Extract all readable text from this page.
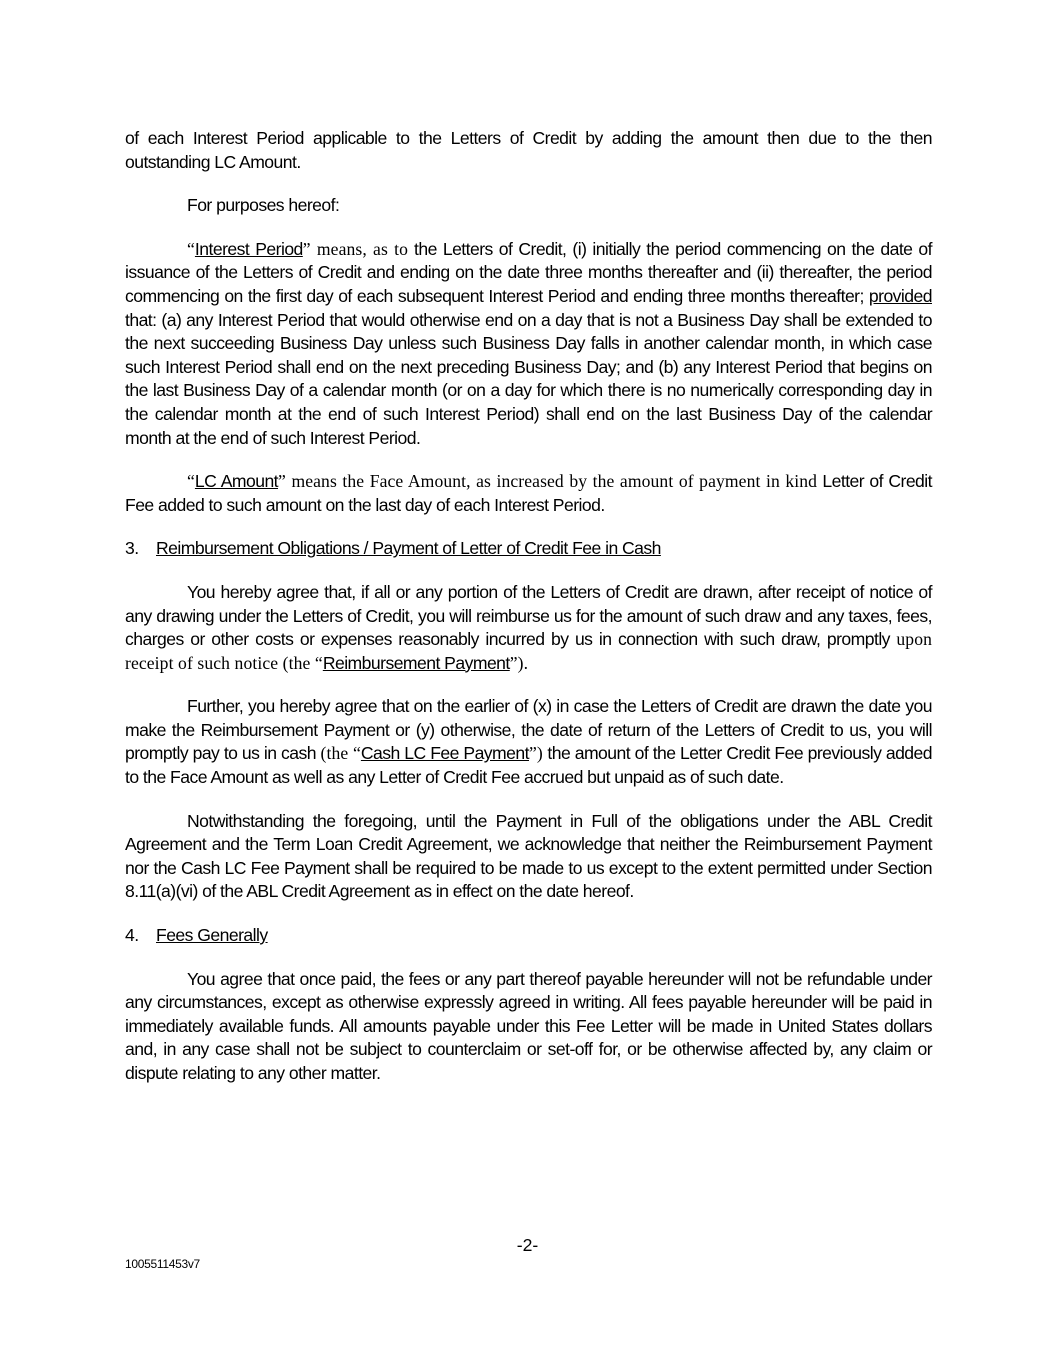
of each Interest Period applicable to the Letters of Credit by adding the amount then due to the then outstanding LC Amount.

For purposes hereof:

“Interest Period” means, as to the Letters of Credit, (i) initially the period commencing on the date of issuance of the Letters of Credit and ending on the date three months thereafter and (ii) thereafter, the period commencing on the first day of each subsequent Interest Period and ending three months thereafter; provided that: (a) any Interest Period that would otherwise end on a day that is not a Business Day shall be extended to the next succeeding Business Day unless such Business Day falls in another calendar month, in which case such Interest Period shall end on the next preceding Business Day; and (b) any Interest Period that begins on the last Business Day of a calendar month (or on a day for which there is no numerically corresponding day in the calendar month at the end of such Interest Period) shall end on the last Business Day of the calendar month at the end of such Interest Period.

“LC Amount” means the Face Amount, as increased by the amount of payment in kind Letter of Credit Fee added to such amount on the last day of each Interest Period.

3. Reimbursement Obligations / Payment of Letter of Credit Fee in Cash

You hereby agree that, if all or any portion of the Letters of Credit are drawn, after receipt of notice of any drawing under the Letters of Credit, you will reimburse us for the amount of such draw and any taxes, fees, charges or other costs or expenses reasonably incurred by us in connection with such draw, promptly upon receipt of such notice (the “Reimbursement Payment”).

Further, you hereby agree that on the earlier of (x) in case the Letters of Credit are drawn the date you make the Reimbursement Payment or (y) otherwise, the date of return of the Letters of Credit to us, you will promptly pay to us in cash (the “Cash LC Fee Payment”) the amount of the Letter Credit Fee previously added to the Face Amount as well as any Letter of Credit Fee accrued but unpaid as of such date.

Notwithstanding the foregoing, until the Payment in Full of the obligations under the ABL Credit Agreement and the Term Loan Credit Agreement, we acknowledge that neither the Reimbursement Payment nor the Cash LC Fee Payment shall be required to be made to us except to the extent permitted under Section 8.11(a)(vi) of the ABL Credit Agreement as in effect on the date hereof.

4. Fees Generally

You agree that once paid, the fees or any part thereof payable hereunder will not be refundable under any circumstances, except as otherwise expressly agreed in writing. All fees payable hereunder will be paid in immediately available funds. All amounts payable under this Fee Letter will be made in United States dollars and, in any case shall not be subject to counterclaim or set-off for, or be otherwise affected by, any claim or dispute relating to any other matter.

-2-
1005511453v7
